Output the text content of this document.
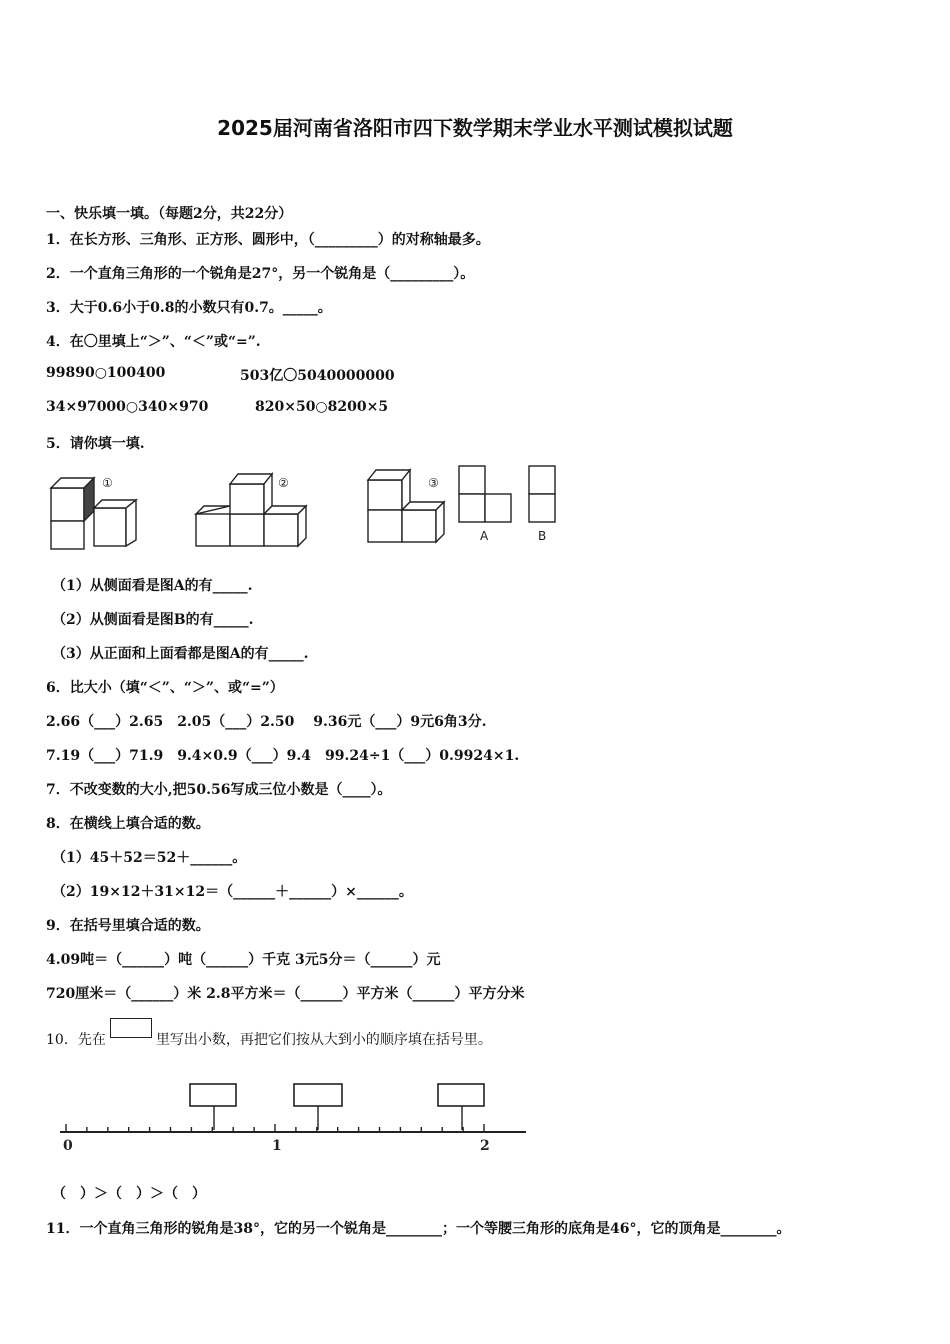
2025届河南省洛阳市四下数学期末学业水平测试模拟试题
一、快乐填一填。（每题2分，共22分）
1．在长方形、三角形、正方形、圆形中，（_________）的对称轴最多。
2．一个直角三角形的一个锐角是27°，另一个锐角是（_________）。
3．大于0.6小于0.8的小数只有0.7。_____。
4．在〇里填上“＞”、“＜”或“=”.
99890○100400	503亿〇5040000000
34×97000○340×970	820×50○8200×5
5．请你填一填.
①	②	③
A	B
（1）从侧面看是图A的有_____.
（2）从侧面看是图B的有_____.
（3）从正面和上面看都是图A的有_____.
6．比大小（填“＜”、“＞”、或“=”）
2.66（___）2.65　2.05（___）2.50　 9.36元（___）9元6角3分.
7.19（___）71.9　9.4×0.9（___）9.4　99.24÷1（___）0.9924×1.
7．不改变数的大小,把50.56写成三位小数是（____）。
8．在横线上填合适的数。
（1）45＋52＝52＋______。
（2）19×12＋31×12＝（______＋______）×______。
9．在括号里填合适的数。
4.09吨＝（______）吨（______）千克 3元5分＝（______）元
720厘米＝（______）米 2.8平方米＝（______）平方米（______）平方分米
10．先在	里写出小数，再把它们按从大到小的顺序填在括号里。
0	1	2
（　）＞（　）＞（　）
11．一个直角三角形的锐角是38°，它的另一个锐角是________；一个等腰三角形的底角是46°，它的顶角是________。
